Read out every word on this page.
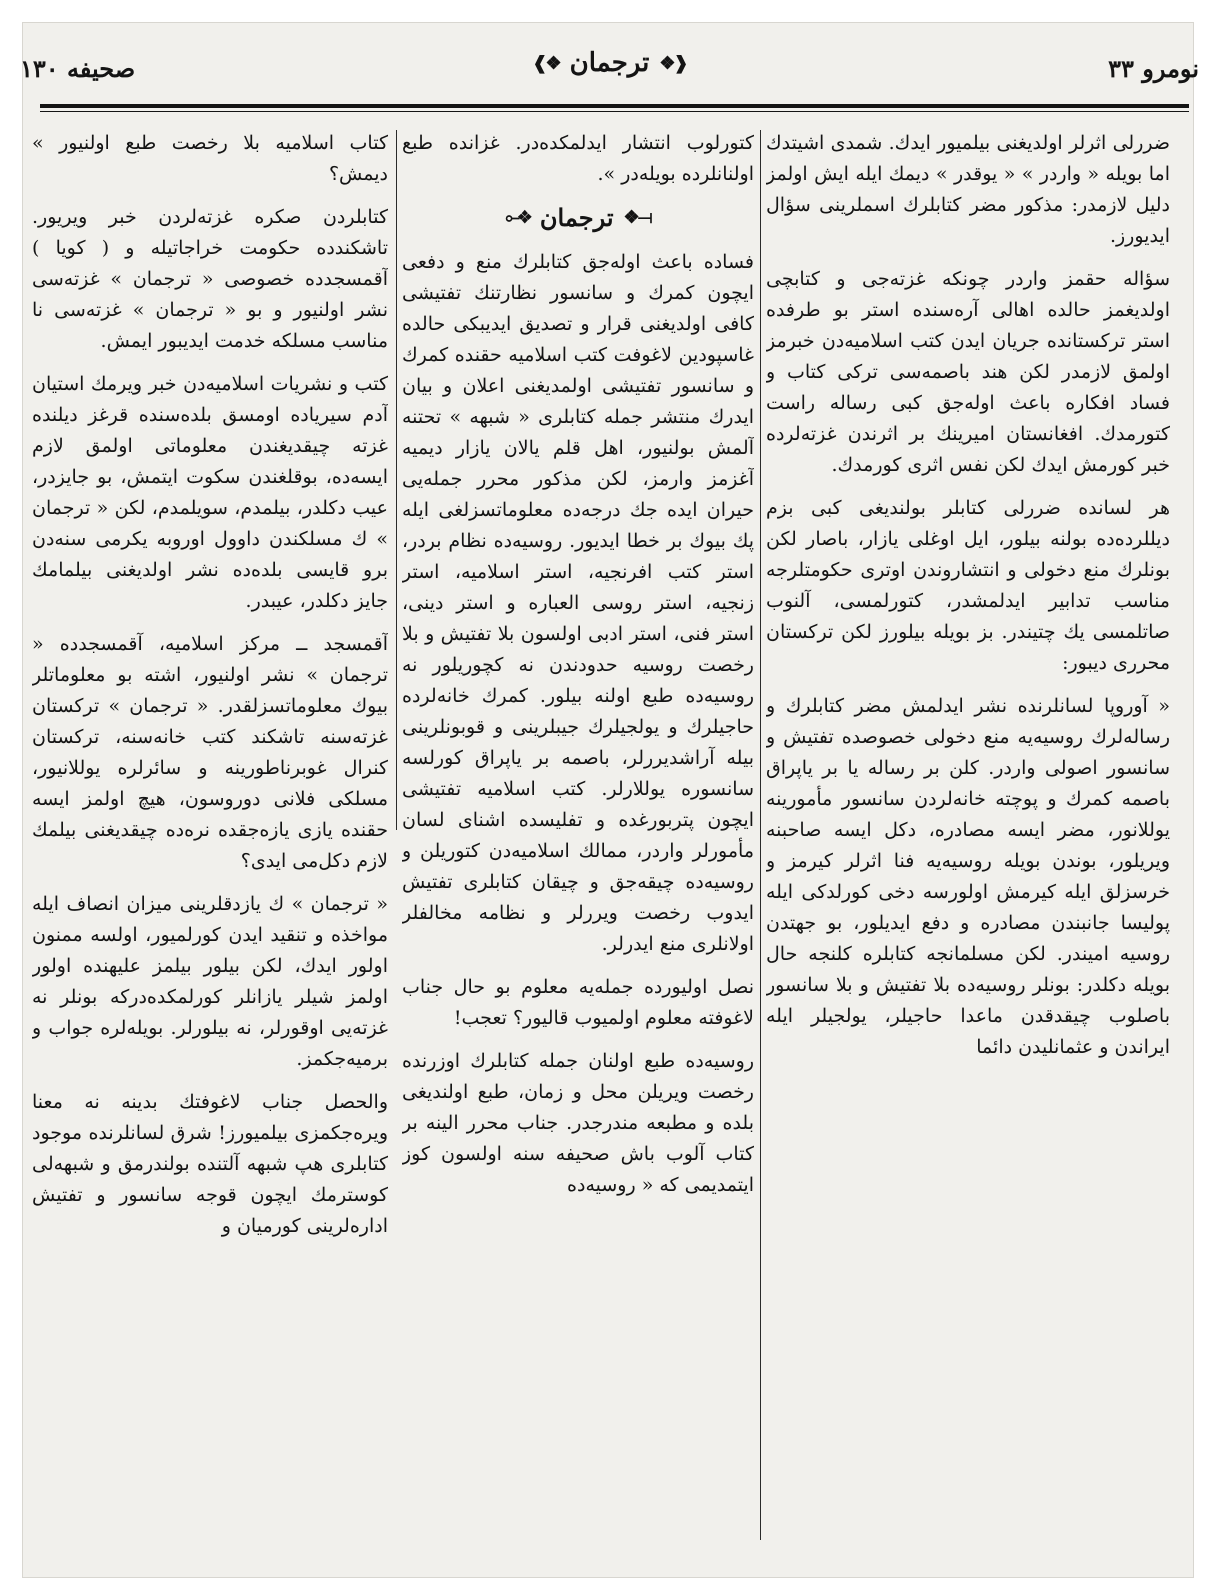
نومرو ٣٣
❰❖ ترجمان ❖❱
صحیفه ١٣٠

ضررلی اثرلر اولدیغنی بیلمیور ایدك. شمدی اشیتدك اما بویله « واردر » « یوقدر » دیمك ایله ایش اولمز دلیل لازمدر: مذکور مضر کتابلرك اسملرینی سؤال ایدیورز.

سؤاله حقمز واردر چونکه غزته‌جی و کتابچی اولدیغمز حالده اهالی آره‌سنده استر بو طرفده استر ترکستانده جریان ایدن کتب اسلامیه‌دن خبرمز اولمق لازمدر لکن هند باصمه‌سی ترکی کتاب و فساد افکاره باعث اوله‌جق کبی رساله راست کتورمدك. افغانستان امیرینك بر اثرندن غزته‌لرده خبر کورمش ایدك لکن نفس اثری کورمدك.

هر لسانده ضررلی کتابلر بولندیغی کبی بزم دیللرده‌ده بولنه بیلور، ایل اوغلی یازار، باصار لکن بونلرك منع دخولی و انتشاروندن اوتری حکومتلرجه مناسب تدابیر ایدلمشدر، کتورلمسی، آلنوب صاتلمسی یك چتیندر. بز بویله بیلورز لکن ترکستان محرری دیبور:

« آوروپا لسانلرنده نشر ایدلمش مضر کتابلرك و رساله‌لرك روسیه‌یه منع دخولی خصوصده تفتیش و سانسور اصولی واردر. کلن بر رساله یا بر یاپراق باصمه کمرك و پوچته خانه‌لردن سانسور مأمورینه یوللانور، مضر ایسه مصادره، دکل ایسه صاحبنه ویریلور، بوندن بویله روسیه‌یه فنا اثرلر کیرمز و خرسزلق ایله کیرمش اولورسه دخی کورلدکی ایله پولیسا جانبندن مصادره و دفع ایدیلور، بو جهتدن روسیه امیندر. لکن مسلمانجه کتابلره کلنجه حال بویله دکلدر: بونلر روسیه‌ده بلا تفتیش و بلا سانسور باصلوب چیقدقدن ماعدا حاجیلر، یولجیلر ایله ایراندن و عثمانلیدن دائما

کتورلوب انتشار ایدلمکده‌در. غزانده طبع اولنانلرده بویله‌در ».

⟜❖ ترجمان ❖⟞

فساده باعث اوله‌جق کتابلرك منع و دفعی ایچون کمرك و سانسور نظارتنك تفتیشی کافی اولدیغنی قرار و تصدیق ایدیبکی حالده غاسپودین لاغوفت کتب اسلامیه حقنده کمرك و سانسور تفتیشی اولمدیغنی اعلان و بیان ایدرك منتشر جمله کتابلری « شبهه » تحتنه آلمش بولنیور، اهل قلم یالان یازار دیمیه آغزمز وارمز، لکن مذکور محرر جمله‌یی حیران ایده جك درجه‌ده معلوماتسزلغی ایله پك بیوك بر خطا ایدیور. روسیه‌ده نظام بردر، استر کتب افرنجیه، استر اسلامیه، استر زنجیه، استر روسی العباره و استر دینی، استر فنی، استر ادبی اولسون بلا تفتیش و بلا رخصت روسیه حدودندن نه کچوریلور نه روسیه‌ده طبع اولنه بیلور. کمرك خانه‌لرده حاجیلرك و یولجیلرك جیبلرینی و قوبونلرینی بیله آراشدیررلر، باصمه بر یاپراق کورلسه سانسوره یوللارلر. کتب اسلامیه تفتیشی ایچون پتربورغده و تفلیسده اشنای لسان مأمورلر واردر، ممالك اسلامیه‌دن کتوریلن و روسیه‌ده چیقه‌جق و چیقان کتابلری تفتیش ایدوب رخصت ویررلر و نظامه مخالفلر اولانلری منع ایدرلر.

نصل اولیورده جمله‌یه معلوم بو حال جناب لاغوفته معلوم اولمیوب قالیور؟ تعجب!

روسیه‌ده طبع اولنان جمله کتابلرك اوزرنده رخصت ویریلن محل و زمان، طبع اولندیغی بلده و مطبعه مندرجدر. جناب محرر الینه بر کتاب آلوب باش صحیفه سنه اولسون کوز ایتمدیمی که « روسیه‌ده

کتاب اسلامیه بلا رخصت طبع اولنیور » دیمش؟

کتابلردن صکره غزته‌لردن خبر ویریور. تاشکندده حکومت خراجاتیله و ( کویا ) آقمسجدده خصوصی « ترجمان » غزته‌سی نشر اولنیور و بو « ترجمان » غزته‌سی نا مناسب مسلکه خدمت ایدیبور ایمش.

کتب و نشریات اسلامیه‌دن خبر ویرمك استیان آدم سیریاده اومسق بلده‌سنده قرغز دیلنده غزته چیقدیغندن معلوماتی اولمق لازم ایسه‌ده، بوقلغندن سکوت ایتمش، بو جایزدر، عیب دکلدر، بیلمدم، سویلمدم، لکن « ترجمان » ك مسلکندن داوول اوروبه یکرمی سنه‌دن برو قایسی بلده‌ده نشر اولدیغنی بیلمامك جایز دکلدر، عیبدر.

آقمسجد ــ مرکز اسلامیه، آقمسجدده « ترجمان » نشر اولنیور، اشته بو معلوماتلر بیوك معلوماتسزلقدر. « ترجمان » ترکستان غزته‌سنه تاشکند کتب خانه‌سنه، ترکستان کنرال غوبرناطورینه و سائرلره یوللانیور، مسلکی فلانی دوروسون، هیچ اولمز ایسه حقنده یازی یازه‌جقده نره‌ده چیقدیغنی بیلمك لازم دکل‌می ایدی؟

« ترجمان » ك یازدقلرینی میزان انصاف ایله مواخذه و تنقید ایدن کورلمیور، اولسه ممنون اولور ایدك، لکن بیلور بیلمز علیهنده اولور اولمز شیلر یازانلر کورلمکده‌درکه بونلر نه غزته‌یی اوقورلر، نه بیلورلر. بویله‌لره جواب و برمیه‌جکمز.

والحصل جناب لاغوفتك بدینه نه معنا ویره‌جکمزی بیلمیورز! شرق لسانلرنده موجود کتابلری هپ شبهه آلتنده بولندرمق و شبهه‌لی کوسترمك ایچون قوجه سانسور و تفتیش ادارەلرینی کورمیان و
